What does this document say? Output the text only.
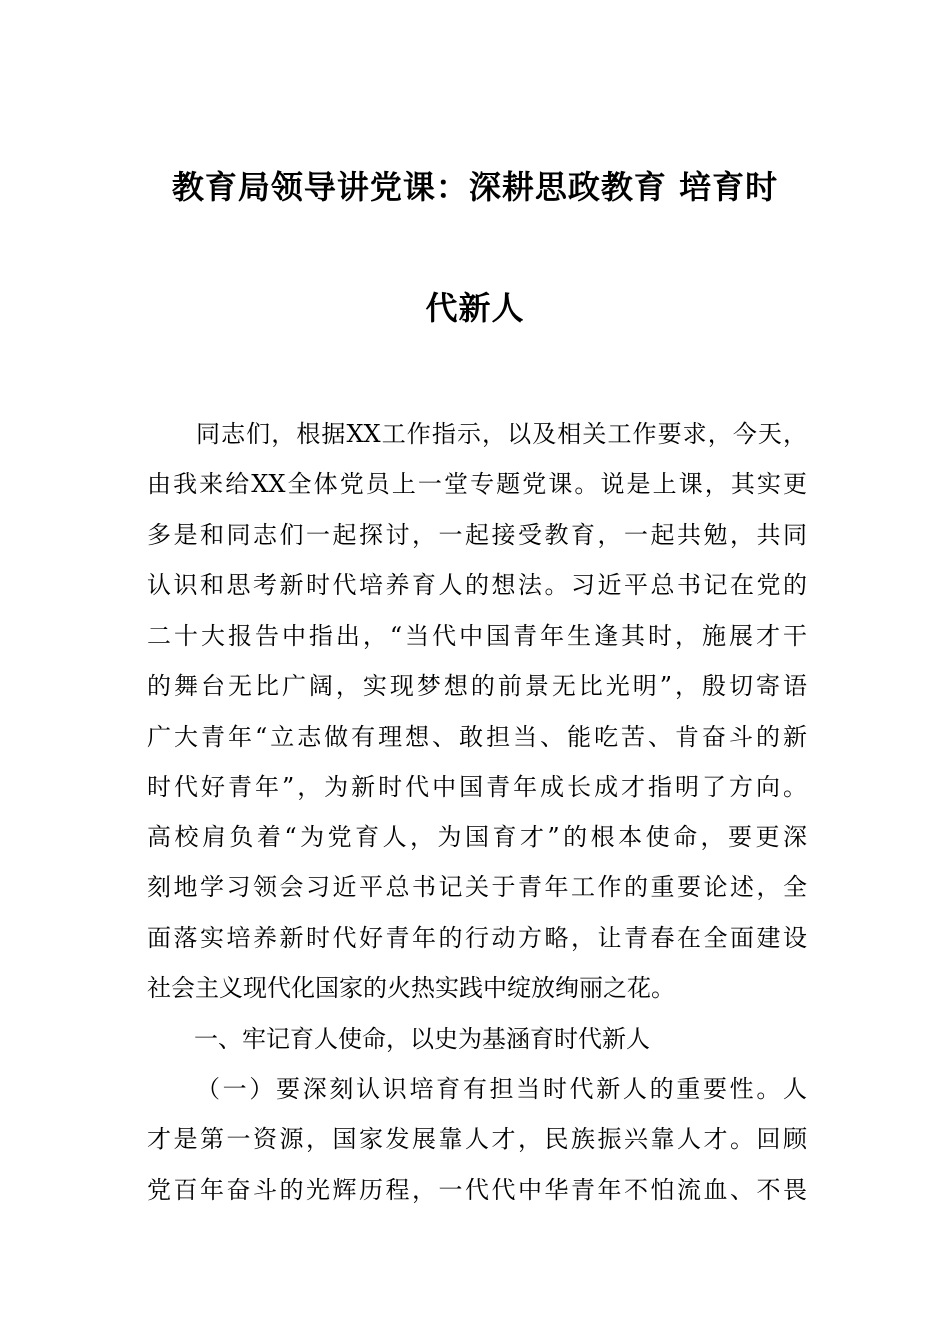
教育局领导讲党课：深耕思政教育 培育时
代新人
同志们，根据XX工作指示，以及相关工作要求，今天，
由我来给XX全体党员上一堂专题党课。说是上课，其实更
多是和同志们一起探讨，一起接受教育，一起共勉，共同
认识和思考新时代培养育人的想法。习近平总书记在党的
二十大报告中指出，“当代中国青年生逢其时，施展才干
的舞台无比广阔，实现梦想的前景无比光明”，殷切寄语
广大青年“立志做有理想、敢担当、能吃苦、肯奋斗的新
时代好青年”，为新时代中国青年成长成才指明了方向。
高校肩负着“为党育人，为国育才”的根本使命，要更深
刻地学习领会习近平总书记关于青年工作的重要论述，全
面落实培养新时代好青年的行动方略，让青春在全面建设
社会主义现代化国家的火热实践中绽放绚丽之花。
一、牢记育人使命，以史为基涵育时代新人
（一）要深刻认识培育有担当时代新人的重要性。人
才是第一资源，国家发展靠人才，民族振兴靠人才。回顾
党百年奋斗的光辉历程，一代代中华青年不怕流血、不畏
